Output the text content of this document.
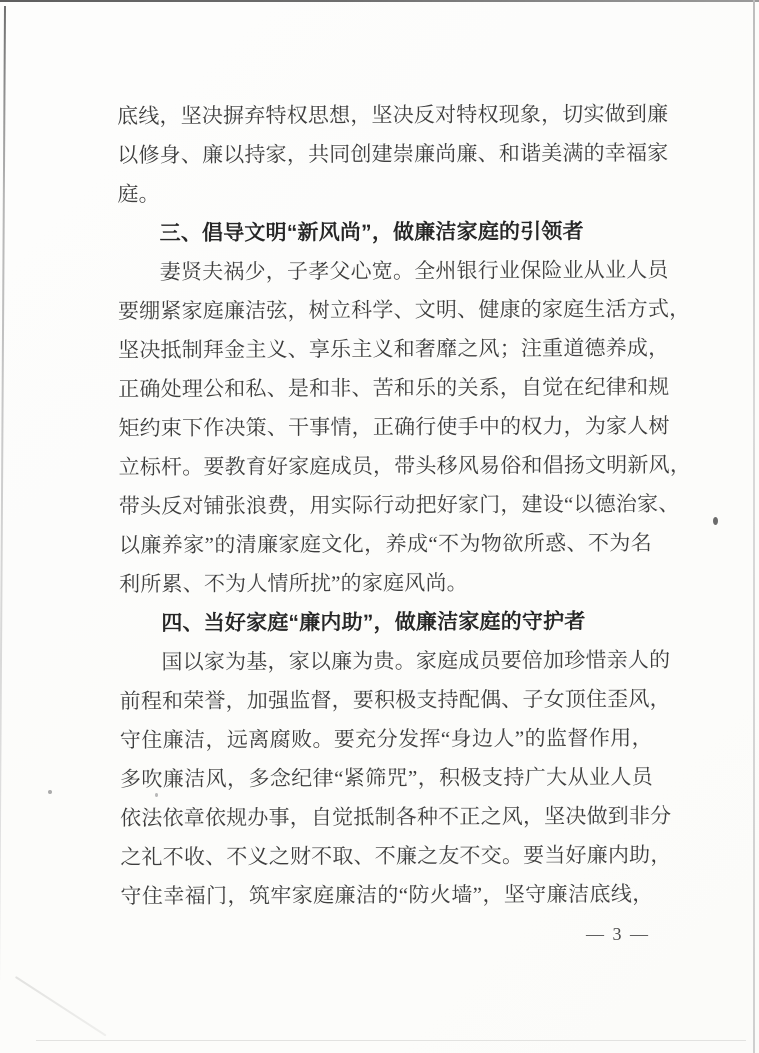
底线，坚决摒弃特权思想，坚决反对特权现象，切实做到廉
以修身、廉以持家，共同创建崇廉尚廉、和谐美满的幸福家
庭。
三、倡导文明“新风尚”，做廉洁家庭的引领者
妻贤夫祸少，子孝父心宽。全州银行业保险业从业人员
要绷紧家庭廉洁弦，树立科学、文明、健康的家庭生活方式，
坚决抵制拜金主义、享乐主义和奢靡之风；注重道德养成，
正确处理公和私、是和非、苦和乐的关系，自觉在纪律和规
矩约束下作决策、干事情，正确行使手中的权力，为家人树
立标杆。要教育好家庭成员，带头移风易俗和倡扬文明新风，
带头反对铺张浪费，用实际行动把好家门，建设“以德治家、
以廉养家”的清廉家庭文化，养成“不为物欲所惑、不为名
利所累、不为人情所扰”的家庭风尚。
四、当好家庭“廉内助”，做廉洁家庭的守护者
国以家为基，家以廉为贵。家庭成员要倍加珍惜亲人的
前程和荣誉，加强监督，要积极支持配偶、子女顶住歪风，
守住廉洁，远离腐败。要充分发挥“身边人”的监督作用，
多吹廉洁风，多念纪律“紧筛咒”，积极支持广大从业人员
依法依章依规办事，自觉抵制各种不正之风，坚决做到非分
之礼不收、不义之财不取、不廉之友不交。要当好廉内助，
守住幸福门，筑牢家庭廉洁的“防火墙”，坚守廉洁底线，
— 3 —
